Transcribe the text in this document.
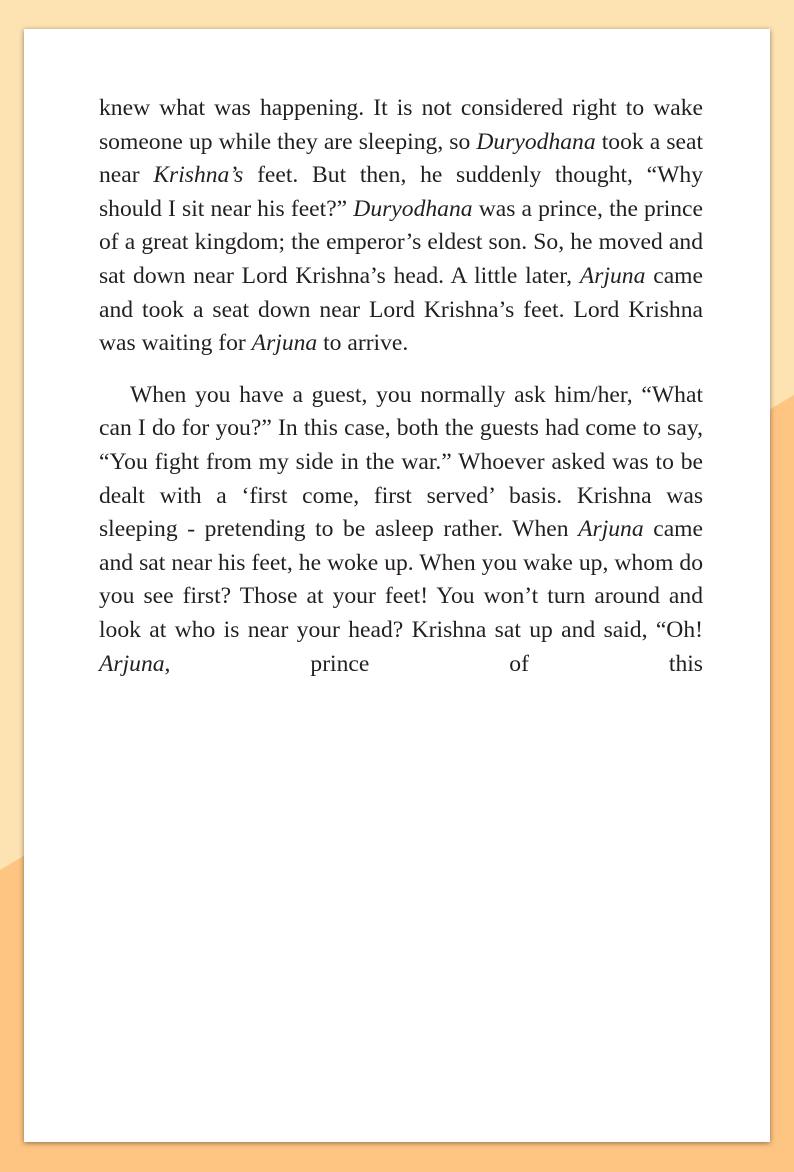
knew what was happening. It is not considered right to wake someone up while they are sleeping, so Duryodhana took a seat near Krishna’s feet. But then, he suddenly thought, “Why should I sit near his feet?” Duryodhana was a prince, the prince of a great kingdom; the emperor’s eldest son. So, he moved and sat down near Lord Krishna’s head. A little later, Arjuna came and took a seat down near Lord Krishna’s feet. Lord Krishna was waiting for Arjuna to arrive.

When you have a guest, you normally ask him/her, “What can I do for you?” In this case, both the guests had come to say, “You fight from my side in the war.” Whoever asked was to be dealt with a ‘first come, first served’ basis. Krishna was sleeping - pretending to be asleep rather. When Arjuna came and sat near his feet, he woke up. When you wake up, whom do you see first? Those at your feet! You won’t turn around and look at who is near your head? Krishna sat up and said, “Oh! Arjuna, prince of this
